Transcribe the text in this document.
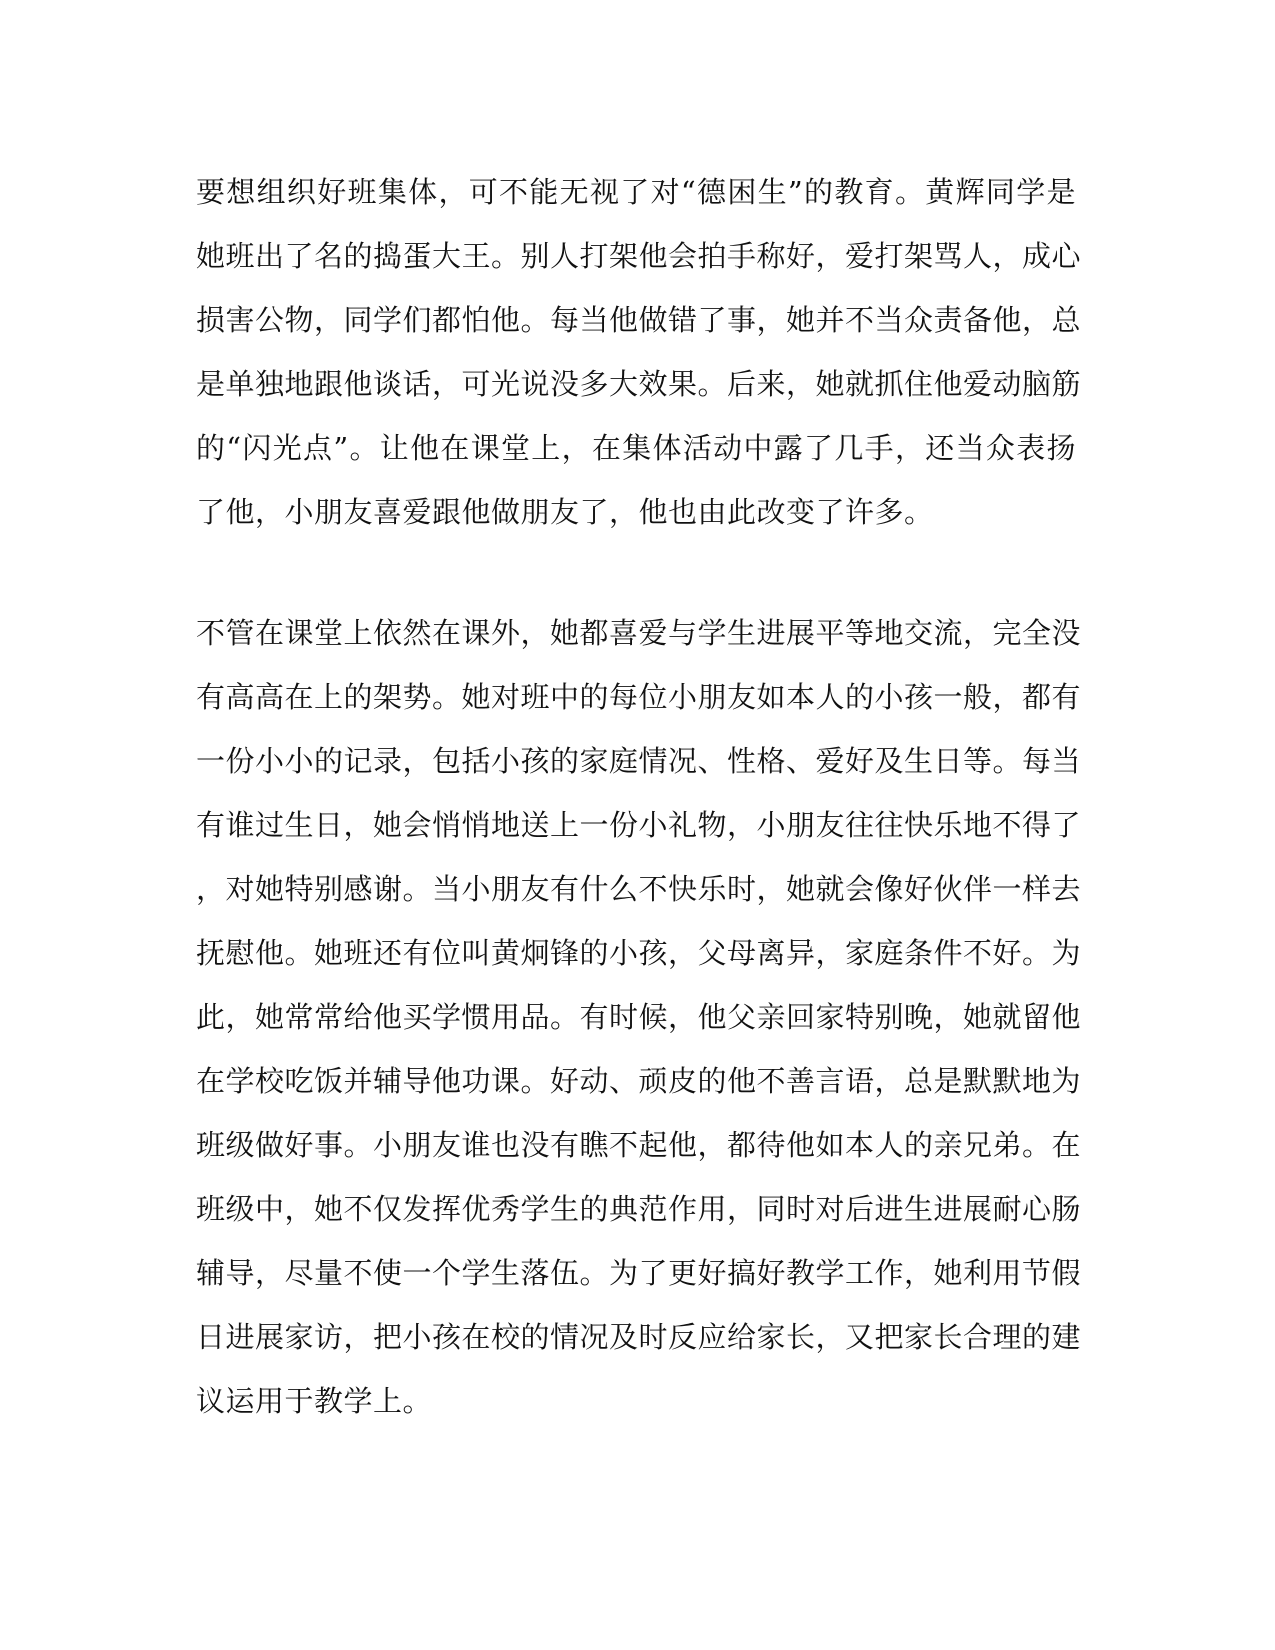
要想组织好班集体，可不能无视了对“德困生”的教育。黄辉同学是
她班出了名的捣蛋大王。别人打架他会拍手称好，爱打架骂人，成心
损害公物，同学们都怕他。每当他做错了事，她并不当众责备他，总
是单独地跟他谈话，可光说没多大效果。后来，她就抓住他爱动脑筋
的“闪光点”。让他在课堂上，在集体活动中露了几手，还当众表扬
了他，小朋友喜爱跟他做朋友了，他也由此改变了许多。
不管在课堂上依然在课外，她都喜爱与学生进展平等地交流，完全没
有高高在上的架势。她对班中的每位小朋友如本人的小孩一般，都有
一份小小的记录，包括小孩的家庭情况、性格、爱好及生日等。每当
有谁过生日，她会悄悄地送上一份小礼物，小朋友往往快乐地不得了
，对她特别感谢。当小朋友有什么不快乐时，她就会像好伙伴一样去
抚慰他。她班还有位叫黄炯锋的小孩，父母离异，家庭条件不好。为
此，她常常给他买学惯用品。有时候，他父亲回家特别晚，她就留他
在学校吃饭并辅导他功课。好动、顽皮的他不善言语，总是默默地为
班级做好事。小朋友谁也没有瞧不起他，都待他如本人的亲兄弟。在
班级中，她不仅发挥优秀学生的典范作用，同时对后进生进展耐心肠
辅导，尽量不使一个学生落伍。为了更好搞好教学工作，她利用节假
日进展家访，把小孩在校的情况及时反应给家长，又把家长合理的建
议运用于教学上。
